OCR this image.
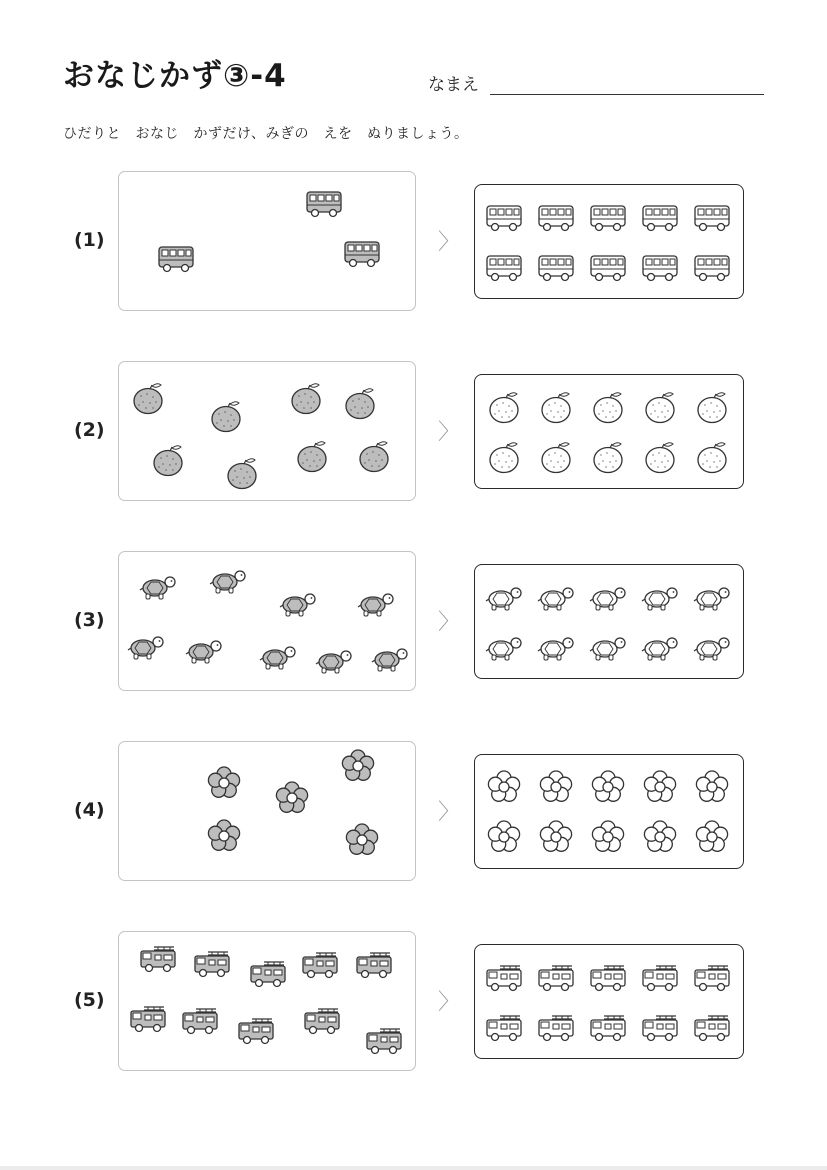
おなじかず③-4	なまえ
ひだりと　おなじ　かずだけ、みぎの　えを　ぬりましょう。
(1)	〉
(2)	〉
(3)	〉
(4)	〉
(5)	〉
